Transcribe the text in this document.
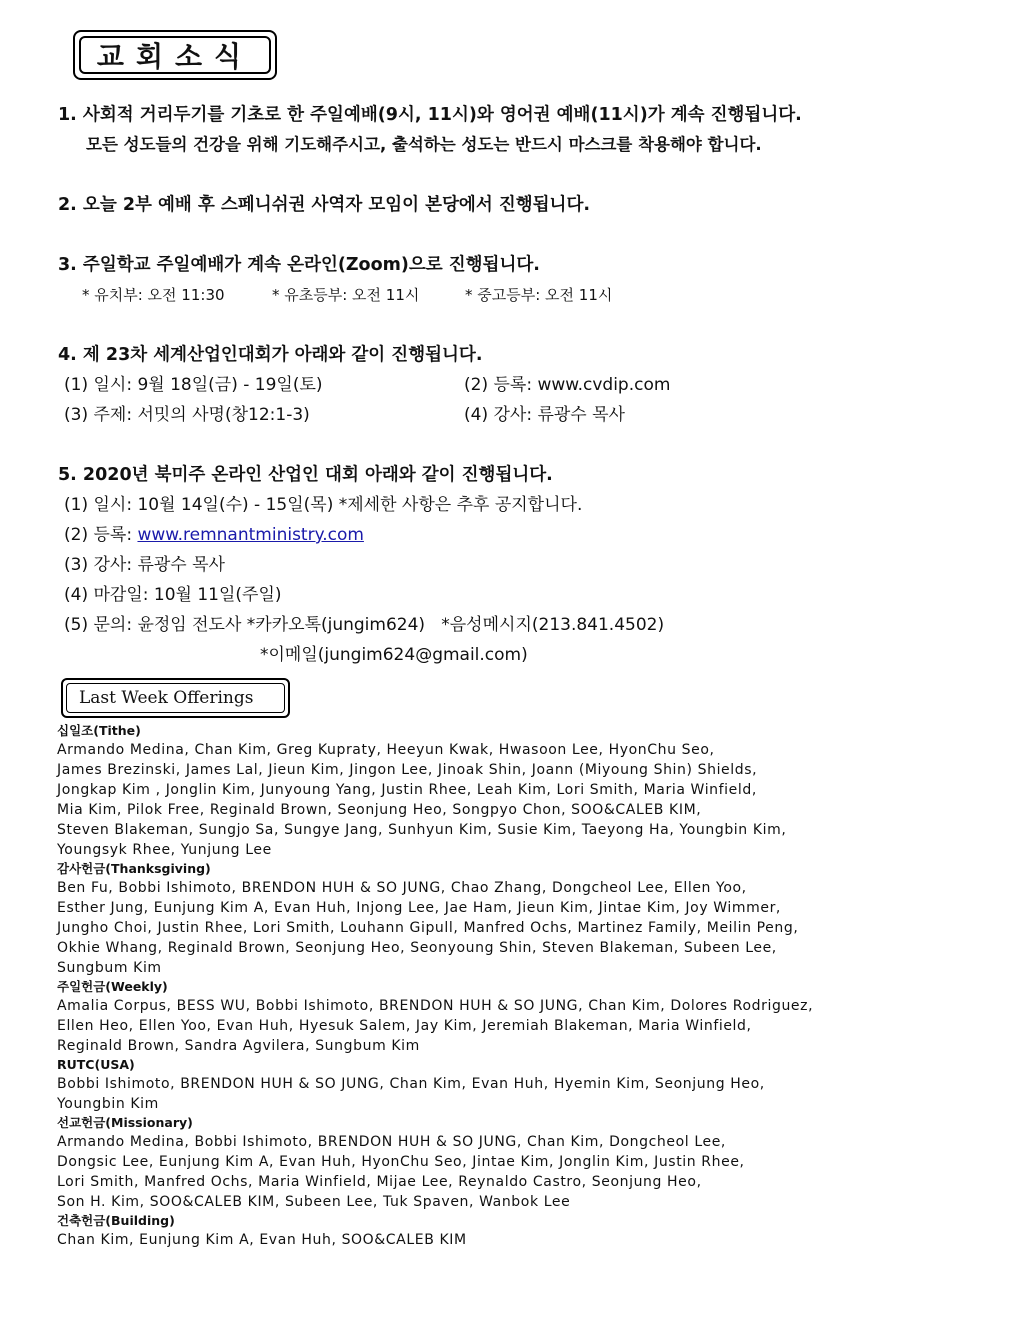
교회소식
1. 사회적 거리두기를 기초로 한 주일예배(9시, 11시)와 영어권 예배(11시)가 계속 진행됩니다.
모든 성도들의 건강을 위해 기도해주시고, 출석하는 성도는 반드시 마스크를 착용해야 합니다.
2. 오늘 2부 예배 후 스페니쉬권 사역자 모임이 본당에서 진행됩니다.
3. 주일학교 주일예배가 계속 온라인(Zoom)으로 진행됩니다.
* 유치부: 오전 11:30	* 유초등부: 오전 11시	* 중고등부: 오전 11시
4. 제 23차 세계산업인대회가 아래와 같이 진행됩니다.
(1) 일시: 9월 18일(금) - 19일(토)	(2) 등록: www.cvdip.com
(3) 주제: 서밋의 사명(창12:1-3)	(4) 강사: 류광수 목사
5. 2020년 북미주 온라인 산업인 대회 아래와 같이 진행됩니다.
(1) 일시: 10월 14일(수) - 15일(목) *제세한 사항은 추후 공지합니다.
(2) 등록: www.remnantministry.com
(3) 강사: 류광수 목사
(4) 마감일: 10월 11일(주일)
(5) 문의: 윤정임 전도사 *카카오톡(jungim624)   *음성메시지(213.841.4502)
*이메일(jungim624@gmail.com)
Last Week Offerings
십일조(Tithe)
Armando Medina, Chan Kim, Greg Kupraty, Heeyun Kwak, Hwasoon Lee, HyonChu Seo,
James Brezinski, James Lal, Jieun Kim, Jingon Lee, Jinoak Shin, Joann (Miyoung Shin) Shields,
Jongkap Kim , Jonglin Kim, Junyoung Yang, Justin Rhee, Leah Kim, Lori Smith, Maria Winfield,
Mia Kim, Pilok Free, Reginald Brown, Seonjung Heo, Songpyo Chon, SOO&CALEB KIM,
Steven Blakeman, Sungjo Sa, Sungye Jang, Sunhyun Kim, Susie Kim, Taeyong Ha, Youngbin Kim,
Youngsyk Rhee, Yunjung Lee
감사헌금(Thanksgiving)
Ben Fu, Bobbi Ishimoto, BRENDON HUH & SO JUNG, Chao Zhang, Dongcheol Lee, Ellen Yoo,
Esther Jung, Eunjung Kim A, Evan Huh, Injong Lee, Jae Ham, Jieun Kim, Jintae Kim, Joy Wimmer,
Jungho Choi, Justin Rhee, Lori Smith, Louhann Gipull, Manfred Ochs, Martinez Family, Meilin Peng,
Okhie Whang, Reginald Brown, Seonjung Heo, Seonyoung Shin, Steven Blakeman, Subeen Lee,
Sungbum Kim
주일헌금(Weekly)
Amalia Corpus, BESS WU, Bobbi Ishimoto, BRENDON HUH & SO JUNG, Chan Kim, Dolores Rodriguez,
Ellen Heo, Ellen Yoo, Evan Huh, Hyesuk Salem, Jay Kim, Jeremiah Blakeman, Maria Winfield,
Reginald Brown, Sandra Agvilera, Sungbum Kim
RUTC(USA)
Bobbi Ishimoto, BRENDON HUH & SO JUNG, Chan Kim, Evan Huh, Hyemin Kim, Seonjung Heo,
Youngbin Kim
선교헌금(Missionary)
Armando Medina, Bobbi Ishimoto, BRENDON HUH & SO JUNG, Chan Kim, Dongcheol Lee,
Dongsic Lee, Eunjung Kim A, Evan Huh, HyonChu Seo, Jintae Kim, Jonglin Kim, Justin Rhee,
Lori Smith, Manfred Ochs, Maria Winfield, Mijae Lee, Reynaldo Castro, Seonjung Heo,
Son H. Kim, SOO&CALEB KIM, Subeen Lee, Tuk Spaven, Wanbok Lee
건축헌금(Building)
Chan Kim, Eunjung Kim A, Evan Huh, SOO&CALEB KIM
